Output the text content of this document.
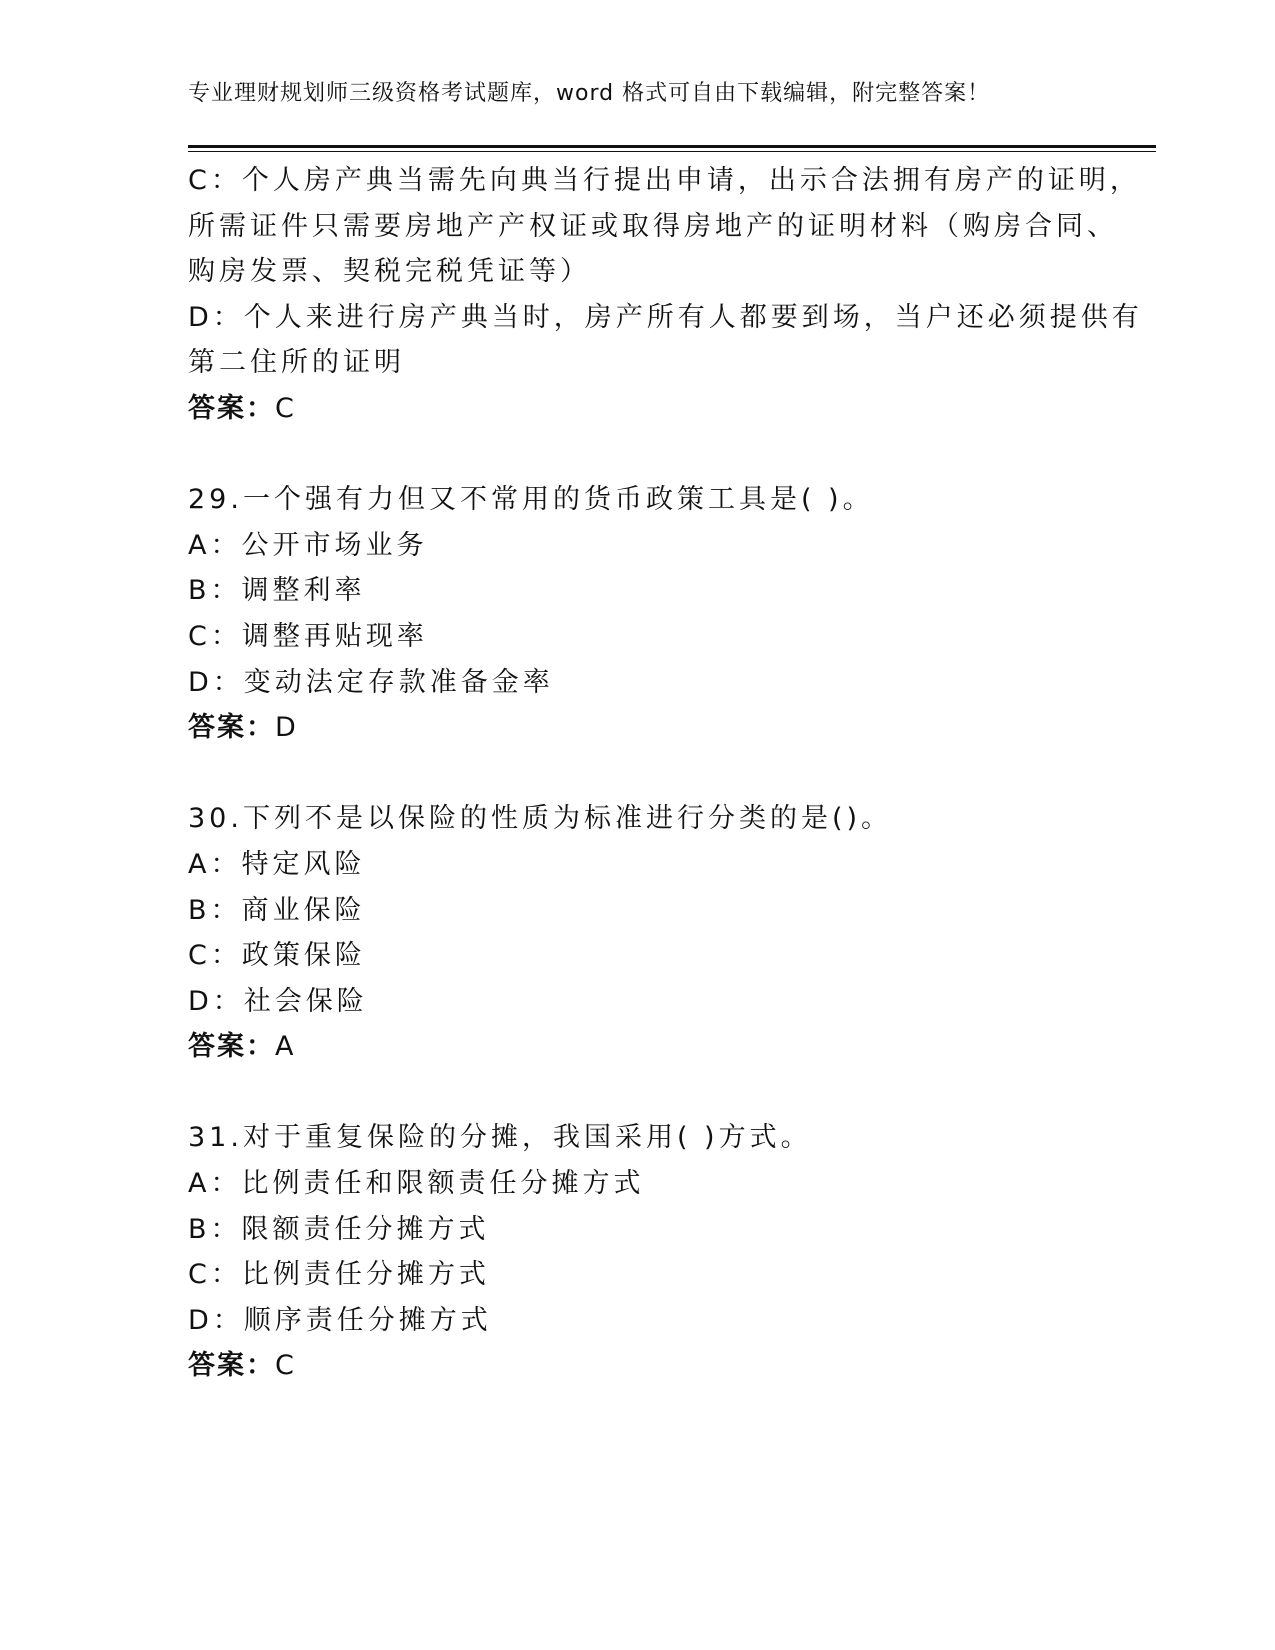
专业理财规划师三级资格考试题库，word 格式可自由下载编辑，附完整答案！
C：个人房产典当需先向典当行提出申请，出示合法拥有房产的证明，
所需证件只需要房地产产权证或取得房地产的证明材料（购房合同、
购房发票、契税完税凭证等）
D：个人来进行房产典当时，房产所有人都要到场，当户还必须提供有
第二住所的证明
答案：C
29.一个强有力但又不常用的货币政策工具是( )。
A：公开市场业务
B：调整利率
C：调整再贴现率
D：变动法定存款准备金率
答案：D
30.下列不是以保险的性质为标准进行分类的是()。
A：特定风险
B：商业保险
C：政策保险
D：社会保险
答案：A
31.对于重复保险的分摊，我国采用( )方式。
A：比例责任和限额责任分摊方式
B：限额责任分摊方式
C：比例责任分摊方式
D：顺序责任分摊方式
答案：C
